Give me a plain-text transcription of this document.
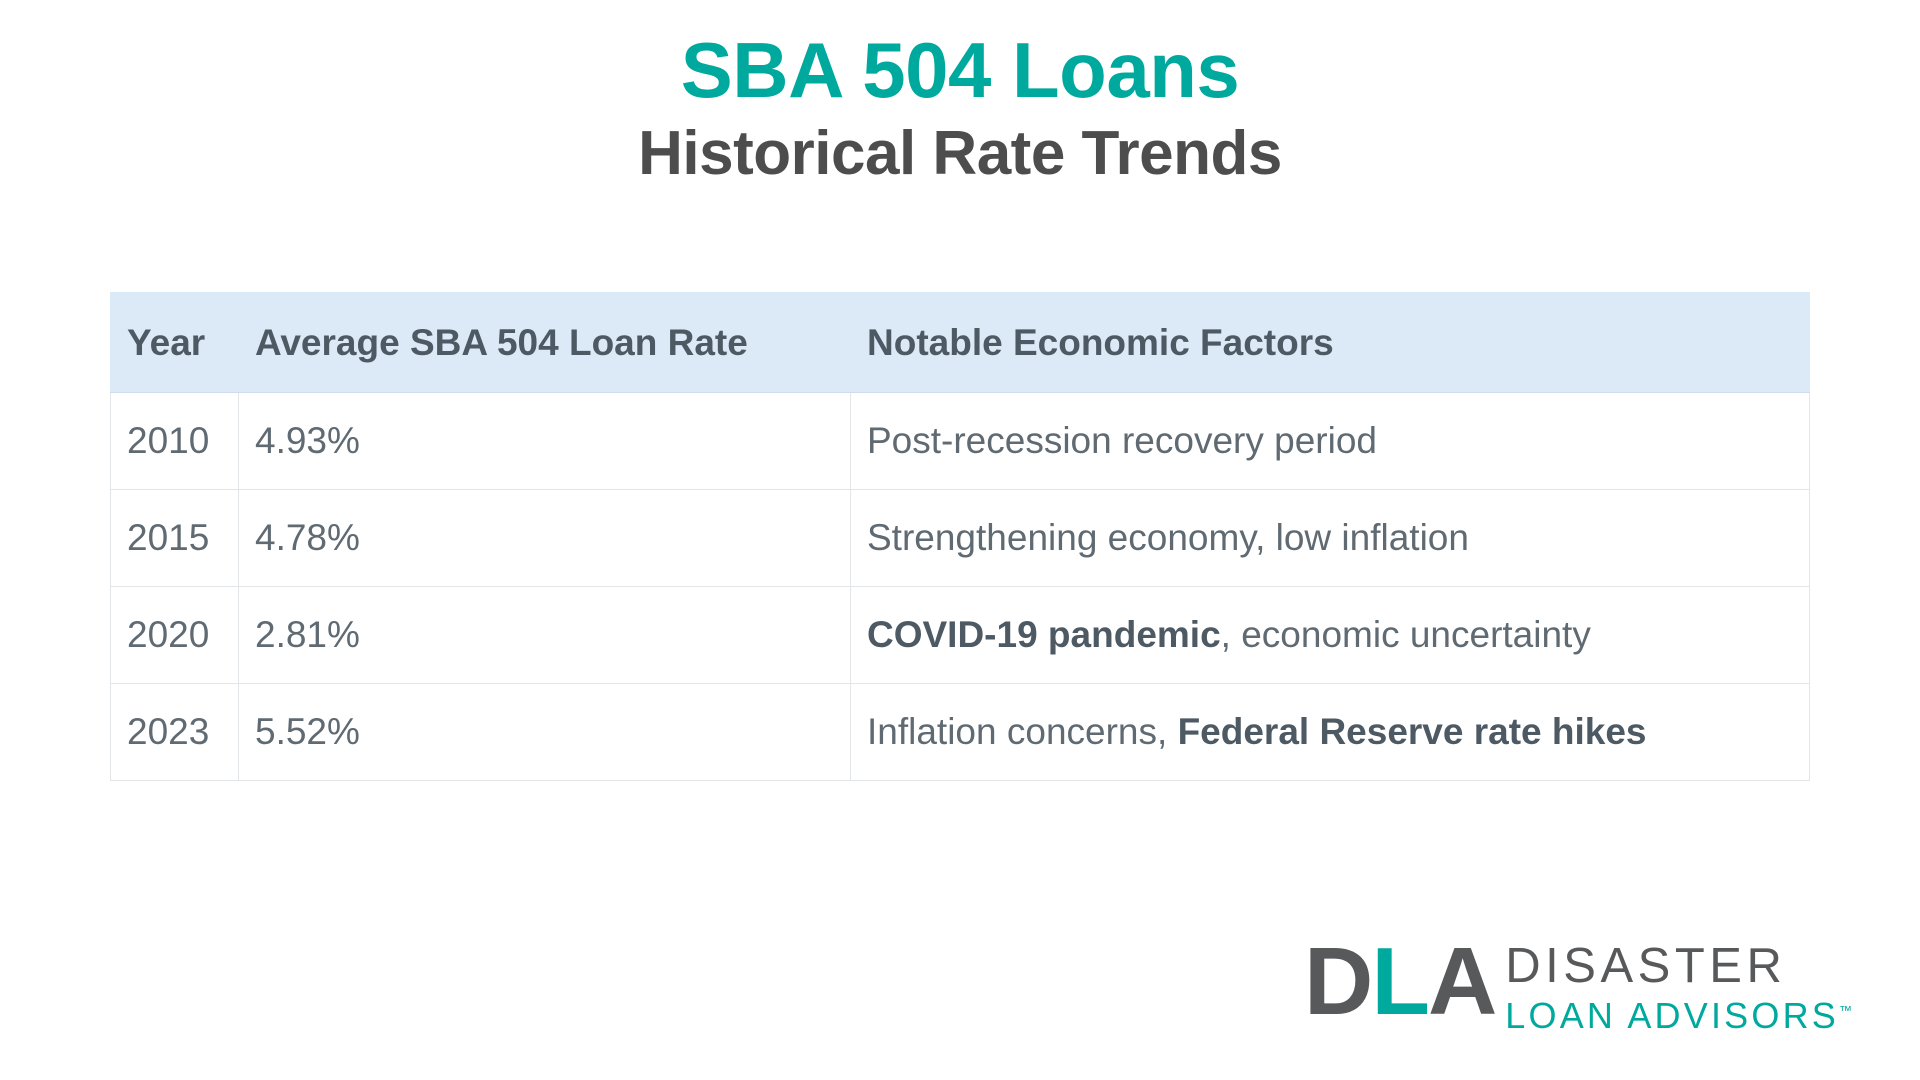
SBA 504 Loans
Historical Rate Trends
Year	Average SBA 504 Loan Rate	Notable Economic Factors
2010	4.93%	Post-recession recovery period
2015	4.78%	Strengthening economy, low inflation
2020	2.81%	COVID-19 pandemic, economic uncertainty
2023	5.52%	Inflation concerns, Federal Reserve rate hikes
DLA DISASTER
LOAN ADVISORS™
